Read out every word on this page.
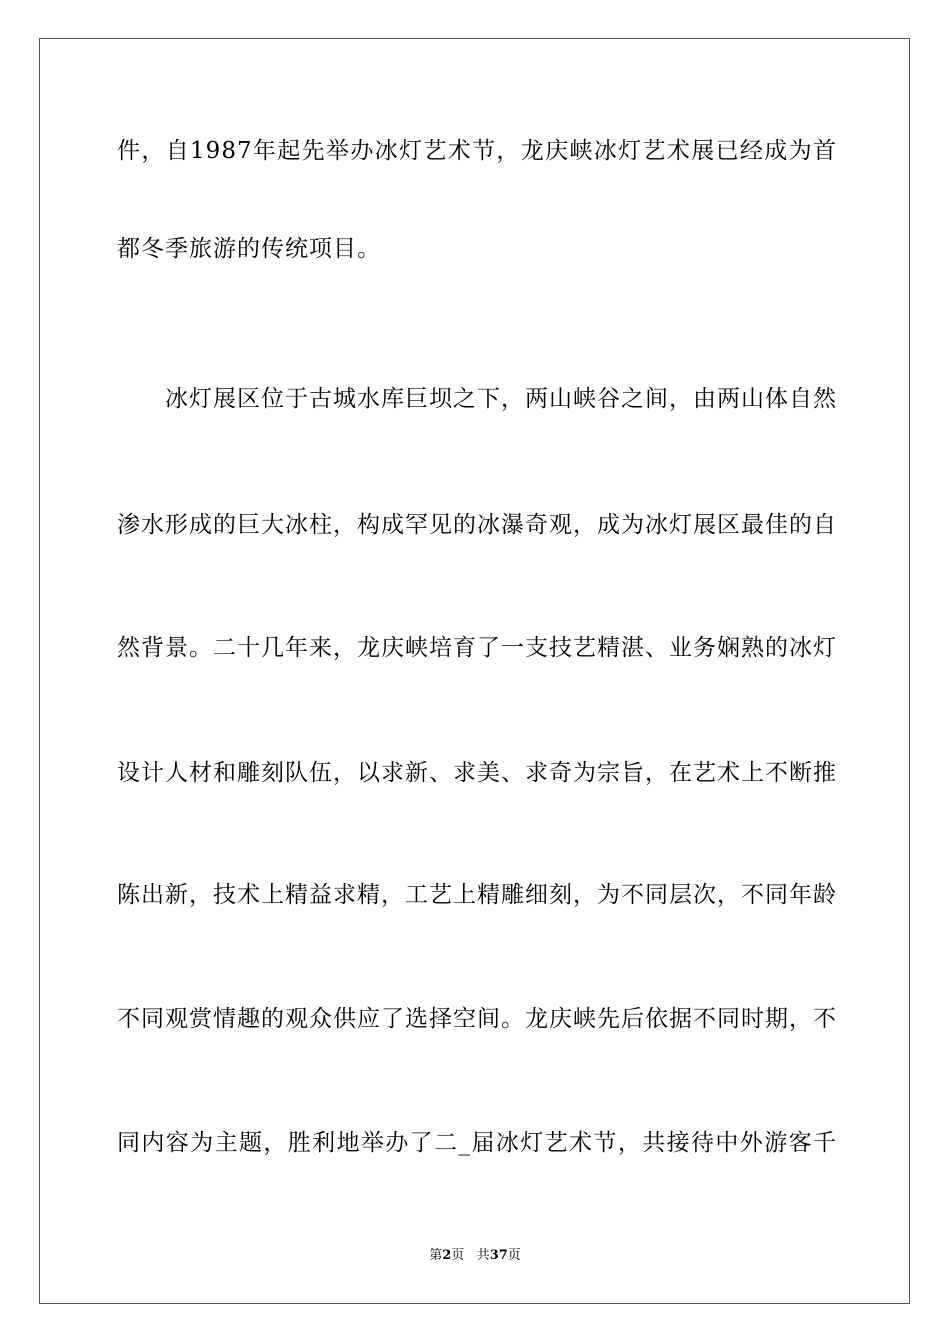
件，自1987年起先举办冰灯艺术节，龙庆峡冰灯艺术展已经成为首
都冬季旅游的传统项目。
冰灯展区位于古城水库巨坝之下，两山峡谷之间，由两山体自然
渗水形成的巨大冰柱，构成罕见的冰瀑奇观，成为冰灯展区最佳的自
然背景。二十几年来，龙庆峡培育了一支技艺精湛、业务娴熟的冰灯
设计人材和雕刻队伍，以求新、求美、求奇为宗旨，在艺术上不断推
陈出新，技术上精益求精，工艺上精雕细刻，为不同层次，不同年龄
不同观赏情趣的观众供应了选择空间。龙庆峡先后依据不同时期，不
同内容为主题，胜利地举办了二_届冰灯艺术节，共接待中外游客千
第2页 共37页
